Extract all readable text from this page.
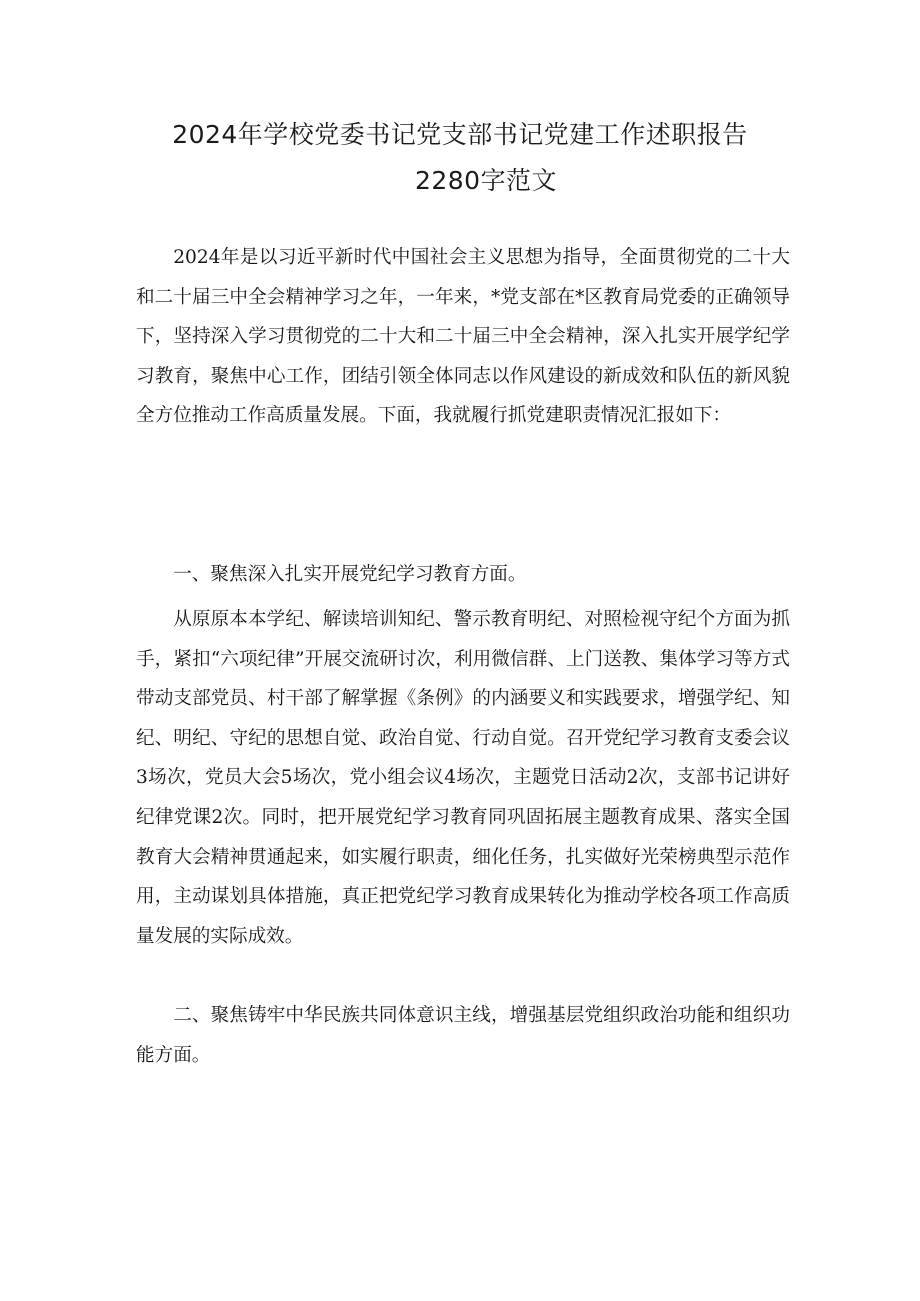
2024年学校党委书记党支部书记党建工作述职报告
2280字范文

2024年是以习近平新时代中国社会主义思想为指导，全面贯彻党的二十大和二十届三中全会精神学习之年，一年来，*党支部在*区教育局党委的正确领导下，坚持深入学习贯彻党的二十大和二十届三中全会精神，深入扎实开展学纪学习教育，聚焦中心工作，团结引领全体同志以作风建设的新成效和队伍的新风貌全方位推动工作高质量发展。下面，我就履行抓党建职责情况汇报如下：

一、聚焦深入扎实开展党纪学习教育方面。

从原原本本学纪、解读培训知纪、警示教育明纪、对照检视守纪个方面为抓手，紧扣“六项纪律”开展交流研讨次，利用微信群、上门送教、集体学习等方式带动支部党员、村干部了解掌握《条例》的内涵要义和实践要求，增强学纪、知纪、明纪、守纪的思想自觉、政治自觉、行动自觉。召开党纪学习教育支委会议3场次，党员大会5场次，党小组会议4场次，主题党日活动2次，支部书记讲好纪律党课2次。同时，把开展党纪学习教育同巩固拓展主题教育成果、落实全国教育大会精神贯通起来，如实履行职责，细化任务，扎实做好光荣榜典型示范作用，主动谋划具体措施，真正把党纪学习教育成果转化为推动学校各项工作高质量发展的实际成效。

二、聚焦铸牢中华民族共同体意识主线，增强基层党组织政治功能和组织功能方面。
